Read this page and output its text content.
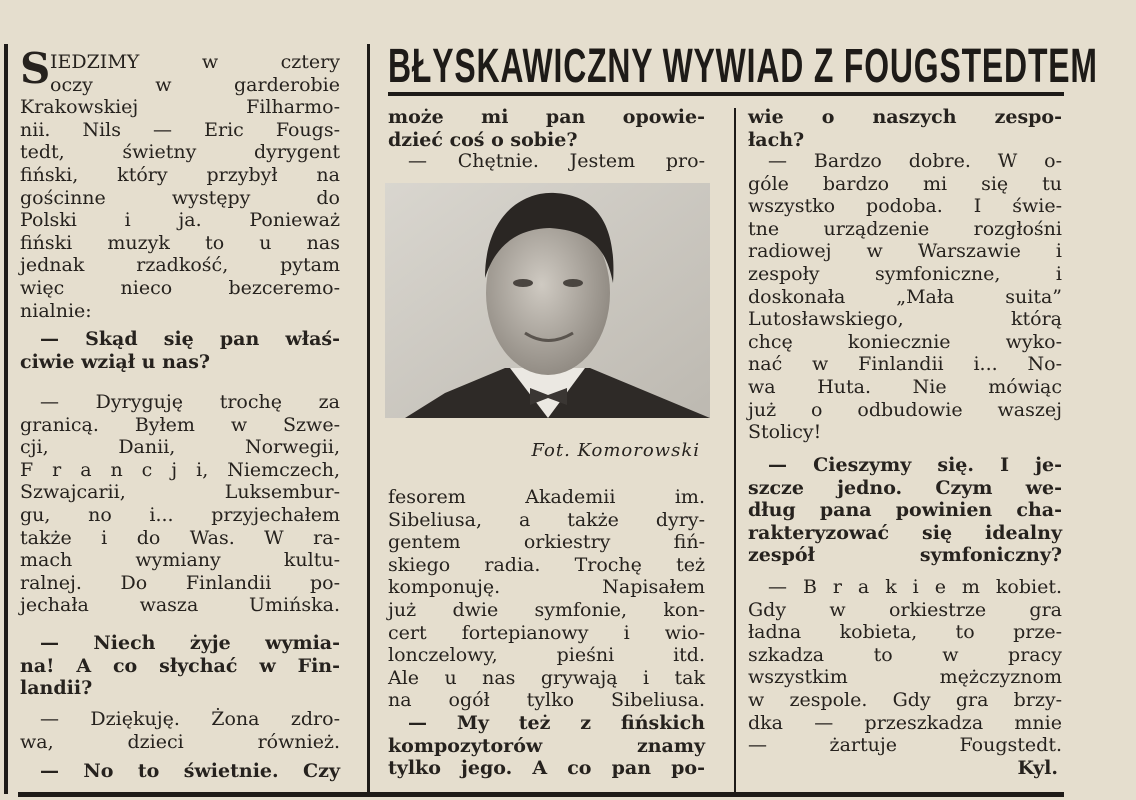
BŁYSKAWICZNY WYWIAD Z FOUGSTEDTEM
S IEDZIMY w cztery
oczy w garderobie
Krakowskiej Filharmo-
nii. Nils — Eric Fougs-
tedt, świetny dyrygent
fiński, który przybył na
gościnne występy do
Polski i ja. Ponieważ
fiński muzyk to u nas
jednak rzadkość, pytam
więc nieco bezceremo-
nialnie:
— Skąd się pan właś-
ciwie wziął u nas?
— Dyryguję trochę za
granicą. Byłem w Szwe-
cji, Danii, Norwegii,
F r a n c j i, Niemczech,
Szwajcarii, Luksembur-
gu, no i... przyjechałem
także i do Was. W ra-
mach wymiany kultu-
ralnej. Do Finlandii po-
jechała wasza Umińska.
— Niech żyje wymia-
na! A co słychać w Fin-
landii?
— Dziękuję. Żona zdro-
wa, dzieci również.
— No to świetnie. Czy
może mi pan opowie-
dzieć coś o sobie?
— Chętnie. Jestem pro-
fesorem Akademii im.
Sibeliusa, a także dyry-
gentem orkiestry fiń-
skiego radia. Trochę też
komponuję. Napisałem
już dwie symfonie, kon-
cert fortepianowy i wio-
lonczelowy, pieśni itd.
Ale u nas grywają i tak
na ogół tylko Sibeliusa.
— My też z fińskich
kompozytorów znamy
tylko jego. A co pan po-
wie o naszych zespo-
łach?
— Bardzo dobre. W o-
góle bardzo mi się tu
wszystko podoba. I świe-
tne urządzenie rozgłośni
radiowej w Warszawie i
zespoły symfoniczne, i
doskonała „Mała suita”
Lutosławskiego, którą
chcę koniecznie wyko-
nać w Finlandii i... No-
wa Huta. Nie mówiąc
już o odbudowie waszej
Stolicy!
— Cieszymy się. I je-
szcze jedno. Czym we-
dług pana powinien cha-
rakteryzować się idealny
zespół symfoniczny?
— B r a k i e m kobiet.
Gdy w orkiestrze gra
ładna kobieta, to prze-
szkadza to w pracy
wszystkim mężczyznom
w zespole. Gdy gra brzy-
dka — przeszkadza mnie
— żartuje Fougstedt.
Fot. Komorowski
Kyl.
